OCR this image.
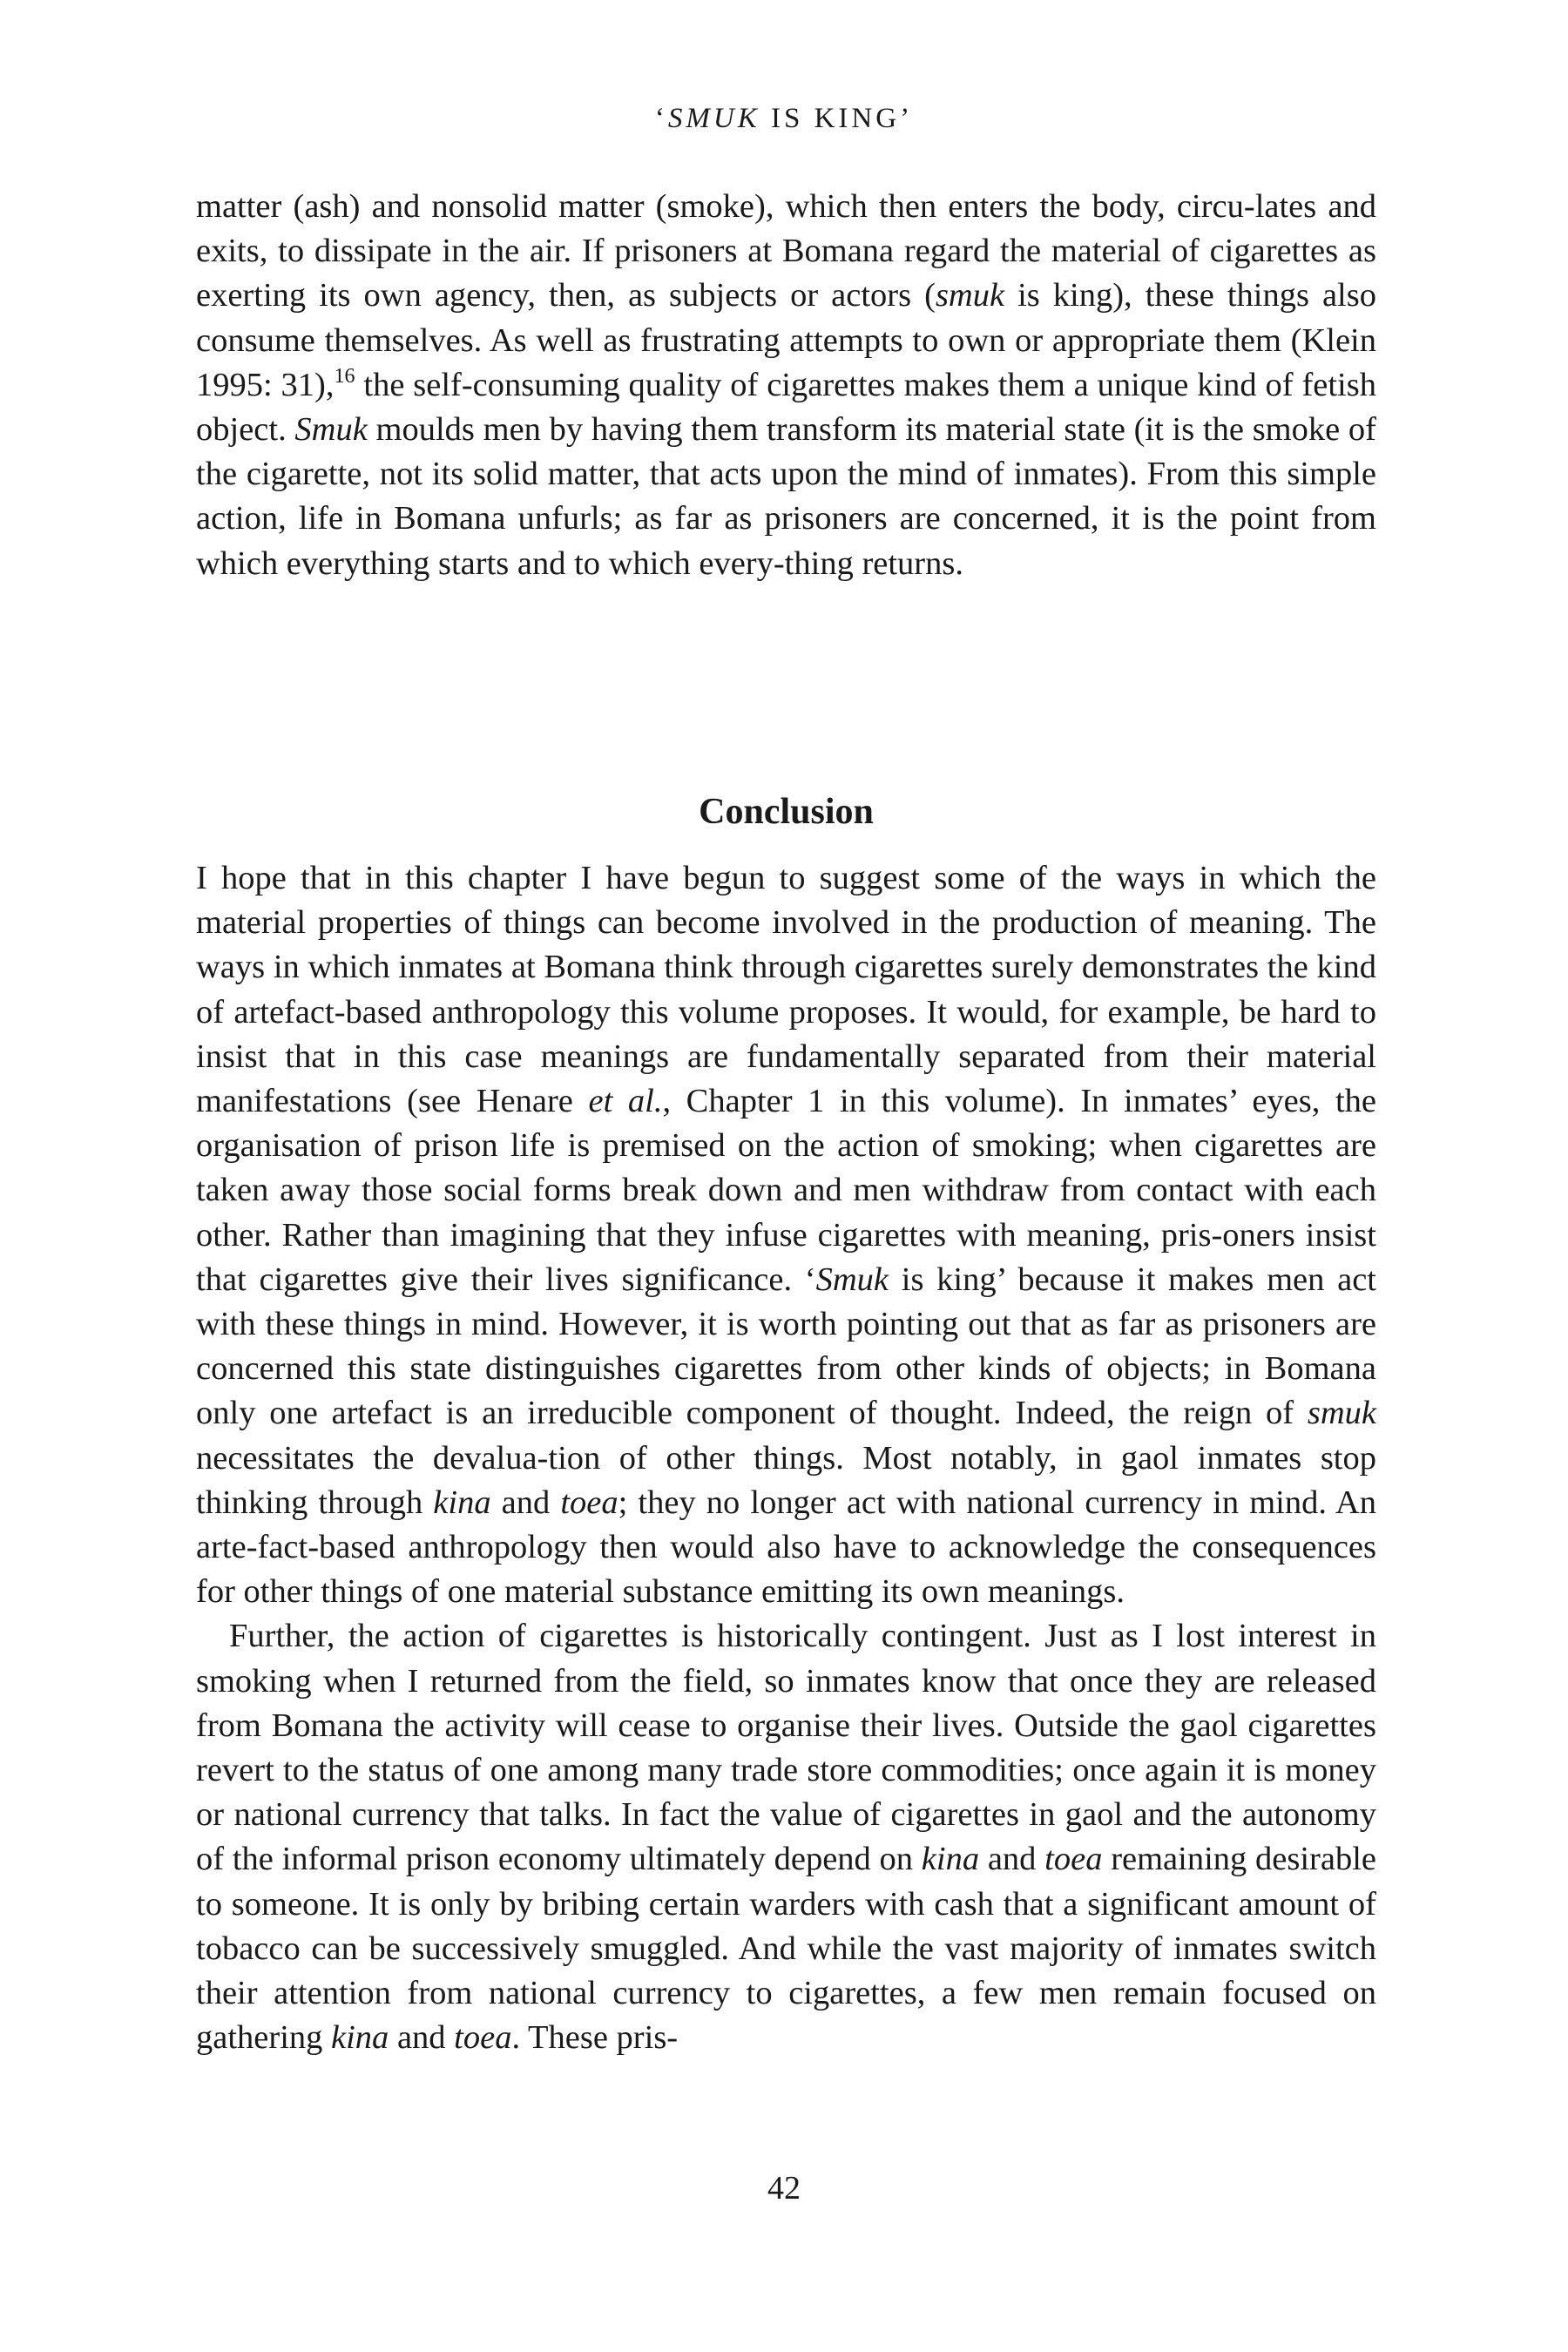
‘SMUK IS KING’

matter (ash) and nonsolid matter (smoke), which then enters the body, circu-lates and exits, to dissipate in the air. If prisoners at Bomana regard the material of cigarettes as exerting its own agency, then, as subjects or actors (smuk is king), these things also consume themselves. As well as frustrating attempts to own or appropriate them (Klein 1995: 31),$^{16}$ the self-consuming quality of cigarettes makes them a unique kind of fetish object. Smuk moulds men by having them transform its material state (it is the smoke of the cigarette, not its solid matter, that acts upon the mind of inmates). From this simple action, life in Bomana unfurls; as far as prisoners are concerned, it is the point from which everything starts and to which every-thing returns.

Conclusion

I hope that in this chapter I have begun to suggest some of the ways in which the material properties of things can become involved in the production of meaning. The ways in which inmates at Bomana think through cigarettes surely demonstrates the kind of artefact-based anthropology this volume proposes. It would, for example, be hard to insist that in this case meanings are fundamentally separated from their material manifestations (see Henare et al., Chapter 1 in this volume). In inmates’ eyes, the organisation of prison life is premised on the action of smoking; when cigarettes are taken away those social forms break down and men withdraw from contact with each other. Rather than imagining that they infuse cigarettes with meaning, pris-oners insist that cigarettes give their lives significance. ‘Smuk is king’ because it makes men act with these things in mind. However, it is worth pointing out that as far as prisoners are concerned this state distinguishes cigarettes from other kinds of objects; in Bomana only one artefact is an irreducible component of thought. Indeed, the reign of smuk necessitates the devalua-tion of other things. Most notably, in gaol inmates stop thinking through kina and toea; they no longer act with national currency in mind. An arte-fact-based anthropology then would also have to acknowledge the consequences for other things of one material substance emitting its own meanings.

Further, the action of cigarettes is historically contingent. Just as I lost interest in smoking when I returned from the field, so inmates know that once they are released from Bomana the activity will cease to organise their lives. Outside the gaol cigarettes revert to the status of one among many trade store commodities; once again it is money or national currency that talks. In fact the value of cigarettes in gaol and the autonomy of the informal prison economy ultimately depend on kina and toea remaining desirable to someone. It is only by bribing certain warders with cash that a significant amount of tobacco can be successively smuggled. And while the vast majority of inmates switch their attention from national currency to cigarettes, a few men remain focused on gathering kina and toea. These pris-

42
